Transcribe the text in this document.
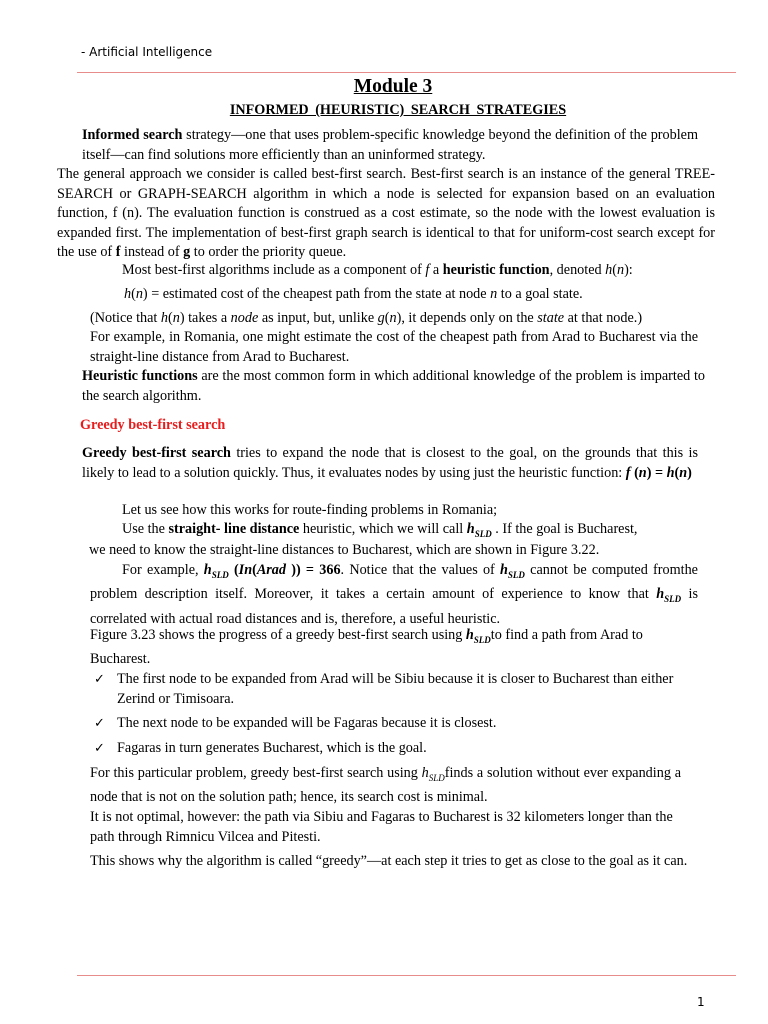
- Artificial Intelligence
Module 3
INFORMED (HEURISTIC) SEARCH STRATEGIES
Informed search strategy—one that uses problem-specific knowledge beyond the definition of the problem itself—can find solutions more efficiently than an uninformed strategy.
The general approach we consider is called best-first search. Best-first search is an instance of the general TREE-SEARCH or GRAPH-SEARCH algorithm in which a node is selected for expansion based on an evaluation function, f (n). The evaluation function is construed as a cost estimate, so the node with the lowest evaluation is expanded first. The implementation of best-first graph search is identical to that for uniform-cost search except for the use of f instead of g to order the priority queue.
Most best-first algorithms include as a component of f a heuristic function, denoted h(n):
h(n) = estimated cost of the cheapest path from the state at node n to a goal state.
(Notice that h(n) takes a node as input, but, unlike g(n), it depends only on the state at that node.)
For example, in Romania, one might estimate the cost of the cheapest path from Arad to Bucharest via the straight-line distance from Arad to Bucharest.
Heuristic functions are the most common form in which additional knowledge of the problem is imparted to the search algorithm.
Greedy best-first search
Greedy best-first search tries to expand the node that is closest to the goal, on the grounds that this is likely to lead to a solution quickly. Thus, it evaluates nodes by using just the heuristic function: f (n) = h(n)
Let us see how this works for route-finding problems in Romania;
Use the straight- line distance heuristic, which we will call $h_{SLD}$ . If the goal is Bucharest,
we need to know the straight-line distances to Bucharest, which are shown in Figure 3.22.
For example, $h_{SLD}$ (In(Arad )) = 366. Notice that the values of $h_{SLD}$ cannot be computed fromthe problem description itself. Moreover, it takes a certain amount of experience to know that $h_{SLD}$ is correlated with actual road distances and is, therefore, a useful heuristic.
Figure 3.23 shows the progress of a greedy best-first search using $h_{SLD}to$ find a path from Arad to Bucharest.
✓ The first node to be expanded from Arad will be Sibiu because it is closer to Bucharest than either Zerind or Timisoara.
✓ The next node to be expanded will be Fagaras because it is closest.
✓ Fagaras in turn generates Bucharest, which is the goal.
For this particular problem, greedy best-first search using $h_{SLD}finds$ a solution without ever expanding a node that is not on the solution path; hence, its search cost is minimal.
It is not optimal, however: the path via Sibiu and Fagaras to Bucharest is 32 kilometers longer than the path through Rimnicu Vilcea and Pitesti.
This shows why the algorithm is called “greedy”—at each step it tries to get as close to the goal as it can.
1
